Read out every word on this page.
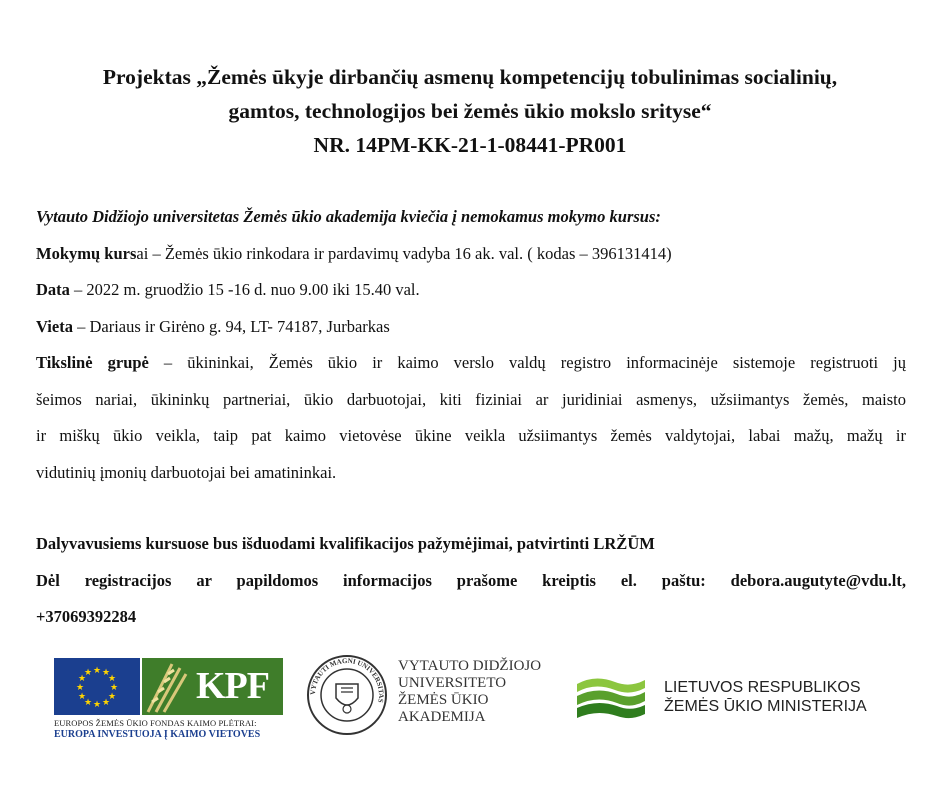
Projektas „Žemės ūkyje dirbančių asmenų kompetencijų tobulinimas socialinių,
gamtos, technologijos bei žemės ūkio mokslo srityse“
NR. 14PM-KK-21-1-08441-PR001
Vytauto Didžiojo universitetas Žemės ūkio akademija kviečia į nemokamus mokymo kursus:
Mokymų kursai – Žemės ūkio rinkodara ir pardavimų vadyba 16 ak. val. ( kodas – 396131414)
Data – 2022 m. gruodžio 15 -16 d. nuo 9.00 iki 15.40 val.
Vieta – Dariaus ir Girėno g. 94, LT- 74187, Jurbarkas
Tikslinė grupė – ūkininkai, Žemės ūkio ir kaimo verslo valdų registro informacinėje sistemoje registruoti jų
šeimos nariai, ūkininkų partneriai, ūkio darbuotojai, kiti fiziniai ar juridiniai asmenys, užsiimantys žemės, maisto
ir miškų ūkio veikla, taip pat kaimo vietovėse ūkine veikla užsiimantys žemės valdytojai, labai mažų, mažų ir
vidutinių įmonių darbuotojai bei amatininkai.
Dalyvavusiems kursuose bus išduodami kvalifikacijos pažymėjimai, patvirtinti LRŽŪM
Dėl registracijos ar papildomos informacijos prašome kreiptis el. paštu: debora.augutyte@vdu.lt,
+37069392284
★ ★
★
★
★
★
★
★
★
★
★
★	KPF
EUROPOS ŽEMĖS ŪKIO FONDAS KAIMO PLĖTRAI:
EUROPA INVESTUOJA Į KAIMO VIETOVES
VYTAUTI MAGNI UNIVERSITAS
VYTAUTO DIDŽIOJO
UNIVERSITETO
ŽEMĖS ŪKIO
AKADEMIJA
LIETUVOS RESPUBLIKOS
ŽEMĖS ŪKIO MINISTERIJA
